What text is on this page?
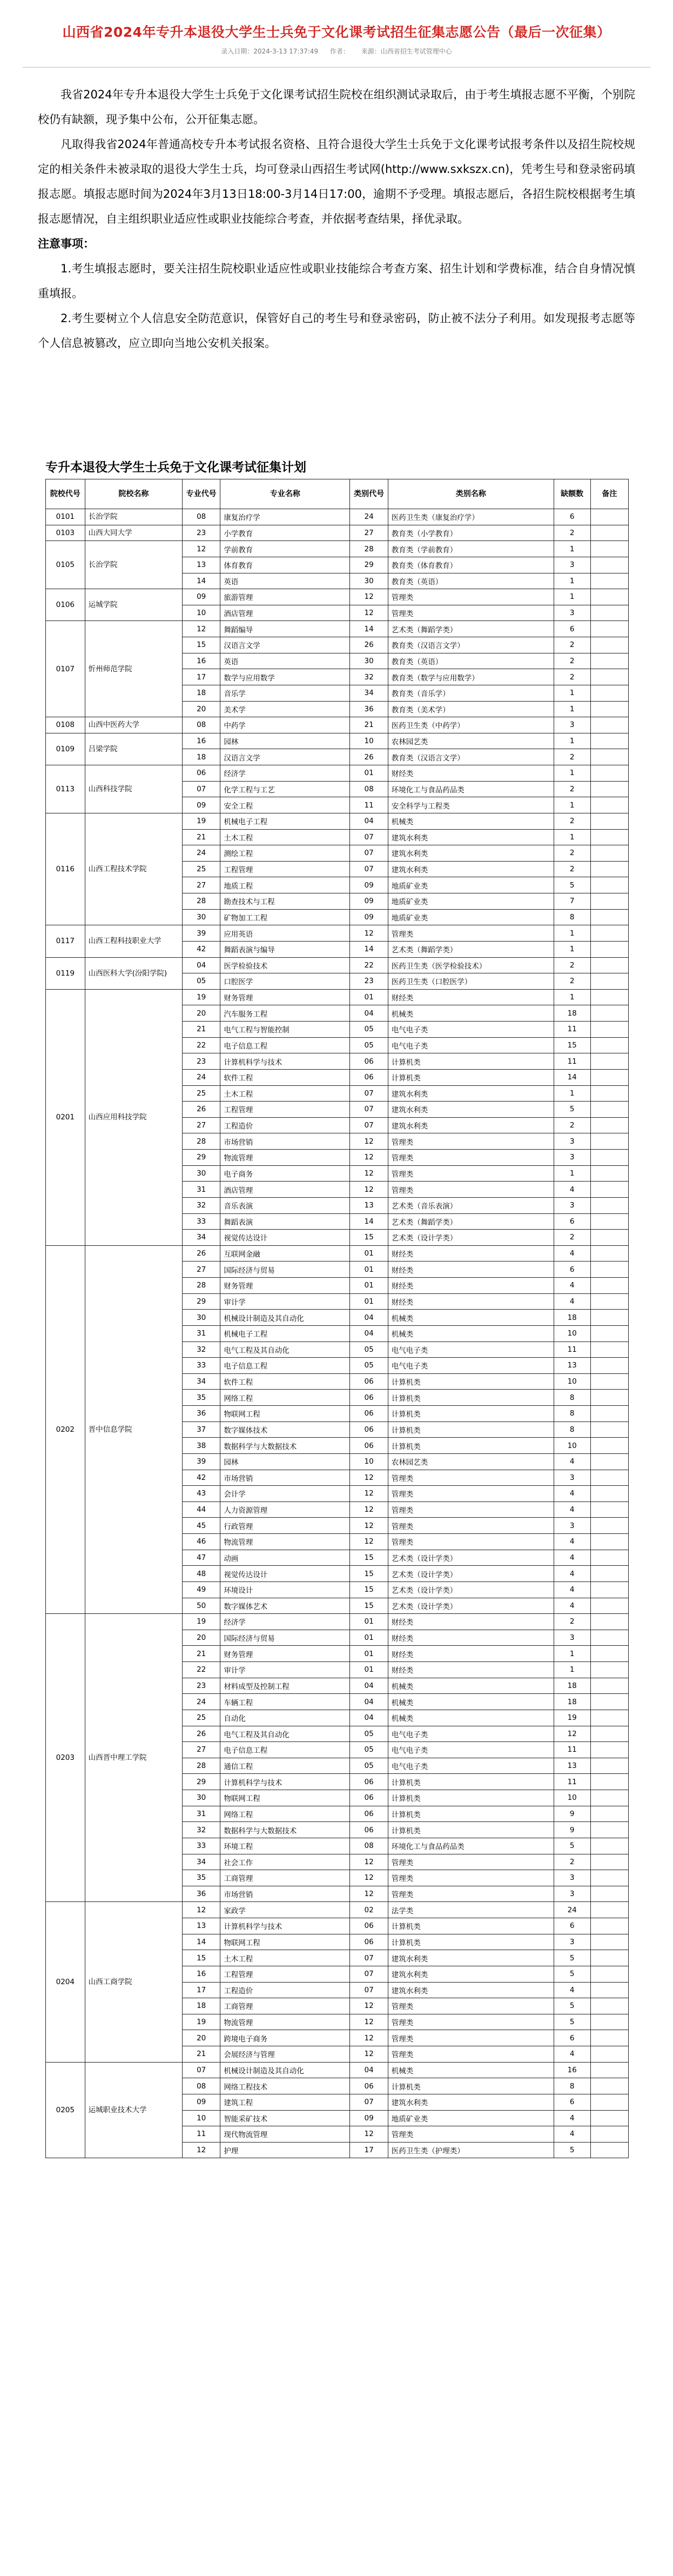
山西省2024年专升本退役大学生士兵免于文化课考试招生征集志愿公告（最后一次征集）
录入日期：2024-3-13 17:37:49 作者： 来源：山西省招生考试管理中心

我省2024年专升本退役大学生士兵免于文化课考试招生院校在组织测试录取后，由于考生填报志愿不平衡，个别院校仍有缺额，现予集中公布，公开征集志愿。

凡取得我省2024年普通高校专升本考试报名资格、且符合退役大学生士兵免于文化课考试报考条件以及招生院校规定的相关条件未被录取的退役大学生士兵，均可登录山西招生考试网(http://www.sxkszx.cn)，凭考生号和登录密码填报志愿。填报志愿时间为2024年3月13日18:00-3月14日17:00，逾期不予受理。填报志愿后，各招生院校根据考生填报志愿情况，自主组织职业适应性或职业技能综合考查，并依据考查结果，择优录取。

注意事项：

1.考生填报志愿时，要关注招生院校职业适应性或职业技能综合考查方案、招生计划和学费标准，结合自身情况慎重填报。

2.考生要树立个人信息安全防范意识，保管好自己的考生号和登录密码，防止被不法分子利用。如发现报考志愿等个人信息被篡改，应立即向当地公安机关报案。

专升本退役大学生士兵免于文化课考试征集计划
院校代号	院校名称	专业代号	专业名称	类别代号	类别名称	缺额数	备注
0101	长治学院	08	康复治疗学	24	医药卫生类（康复治疗学）	6	
0103	山西大同大学	23	小学教育	27	教育类（小学教育）	2	
0105	长治学院	12	学前教育	28	教育类（学前教育）	1	
		13	体育教育	29	教育类（体育教育）	3	
		14	英语	30	教育类（英语）	1	
0106	运城学院	09	旅游管理	12	管理类	1	
		10	酒店管理	12	管理类	3	
0107	忻州师范学院	12	舞蹈编导	14	艺术类（舞蹈学类）	6	
		15	汉语言文学	26	教育类（汉语言文学）	2	
		16	英语	30	教育类（英语）	2	
		17	数学与应用数学	32	教育类（数学与应用数学）	2	
		18	音乐学	34	教育类（音乐学）	1	
		20	美术学	36	教育类（美术学）	1	
0108	山西中医药大学	08	中药学	21	医药卫生类（中药学）	3	
0109	吕梁学院	16	园林	10	农林园艺类	1	
		18	汉语言文学	26	教育类（汉语言文学）	2	
0113	山西科技学院	06	经济学	01	财经类	1	
		07	化学工程与工艺	08	环境化工与食品药品类	2	
		09	安全工程	11	安全科学与工程类	1	
0116	山西工程技术学院	19	机械电子工程	04	机械类	2	
		21	土木工程	07	建筑水利类	1	
		24	测绘工程	07	建筑水利类	2	
		25	工程管理	07	建筑水利类	2	
		27	地质工程	09	地质矿业类	5	
		28	勘查技术与工程	09	地质矿业类	7	
		30	矿物加工工程	09	地质矿业类	8	
0117	山西工程科技职业大学	39	应用英语	12	管理类	1	
		42	舞蹈表演与编导	14	艺术类（舞蹈学类）	1	
0119	山西医科大学(汾阳学院)	04	医学检验技术	22	医药卫生类（医学检验技术）	2	
		05	口腔医学	23	医药卫生类（口腔医学）	2	
0201	山西应用科技学院	19	财务管理	01	财经类	1	
		20	汽车服务工程	04	机械类	18	
		21	电气工程与智能控制	05	电气电子类	11	
		22	电子信息工程	05	电气电子类	15	
		23	计算机科学与技术	06	计算机类	11	
		24	软件工程	06	计算机类	14	
		25	土木工程	07	建筑水利类	1	
		26	工程管理	07	建筑水利类	5	
		27	工程造价	07	建筑水利类	2	
		28	市场营销	12	管理类	3	
		29	物流管理	12	管理类	3	
		30	电子商务	12	管理类	1	
		31	酒店管理	12	管理类	4	
		32	音乐表演	13	艺术类（音乐表演）	3	
		33	舞蹈表演	14	艺术类（舞蹈学类）	6	
		34	视觉传达设计	15	艺术类（设计学类）	2	
0202	晋中信息学院	26	互联网金融	01	财经类	4	
		27	国际经济与贸易	01	财经类	6	
		28	财务管理	01	财经类	4	
		29	审计学	01	财经类	4	
		30	机械设计制造及其自动化	04	机械类	18	
		31	机械电子工程	04	机械类	10	
		32	电气工程及其自动化	05	电气电子类	11	
		33	电子信息工程	05	电气电子类	13	
		34	软件工程	06	计算机类	10	
		35	网络工程	06	计算机类	8	
		36	物联网工程	06	计算机类	8	
		37	数字媒体技术	06	计算机类	8	
		38	数据科学与大数据技术	06	计算机类	10	
		39	园林	10	农林园艺类	4	
		42	市场营销	12	管理类	3	
		43	会计学	12	管理类	4	
		44	人力资源管理	12	管理类	4	
		45	行政管理	12	管理类	3	
		46	物流管理	12	管理类	4	
		47	动画	15	艺术类（设计学类）	4	
		48	视觉传达设计	15	艺术类（设计学类）	4	
		49	环境设计	15	艺术类（设计学类）	4	
		50	数字媒体艺术	15	艺术类（设计学类）	4	
0203	山西晋中理工学院	19	经济学	01	财经类	2	
		20	国际经济与贸易	01	财经类	3	
		21	财务管理	01	财经类	1	
		22	审计学	01	财经类	1	
		23	材料成型及控制工程	04	机械类	18	
		24	车辆工程	04	机械类	18	
		25	自动化	04	机械类	19	
		26	电气工程及其自动化	05	电气电子类	12	
		27	电子信息工程	05	电气电子类	11	
		28	通信工程	05	电气电子类	13	
		29	计算机科学与技术	06	计算机类	11	
		30	物联网工程	06	计算机类	10	
		31	网络工程	06	计算机类	9	
		32	数据科学与大数据技术	06	计算机类	9	
		33	环境工程	08	环境化工与食品药品类	5	
		34	社会工作	12	管理类	2	
		35	工商管理	12	管理类	3	
		36	市场营销	12	管理类	3	
0204	山西工商学院	12	家政学	02	法学类	24	
		13	计算机科学与技术	06	计算机类	6	
		14	物联网工程	06	计算机类	3	
		15	土木工程	07	建筑水利类	5	
		16	工程管理	07	建筑水利类	5	
		17	工程造价	07	建筑水利类	4	
		18	工商管理	12	管理类	5	
		19	物流管理	12	管理类	5	
		20	跨境电子商务	12	管理类	6	
		21	会展经济与管理	12	管理类	4	
0205	运城职业技术大学	07	机械设计制造及其自动化	04	机械类	16	
		08	网络工程技术	06	计算机类	8	
		09	建筑工程	07	建筑水利类	6	
		10	智能采矿技术	09	地质矿业类	4	
		11	现代物流管理	12	管理类	4	
		12	护理	17	医药卫生类（护理类）	5	
